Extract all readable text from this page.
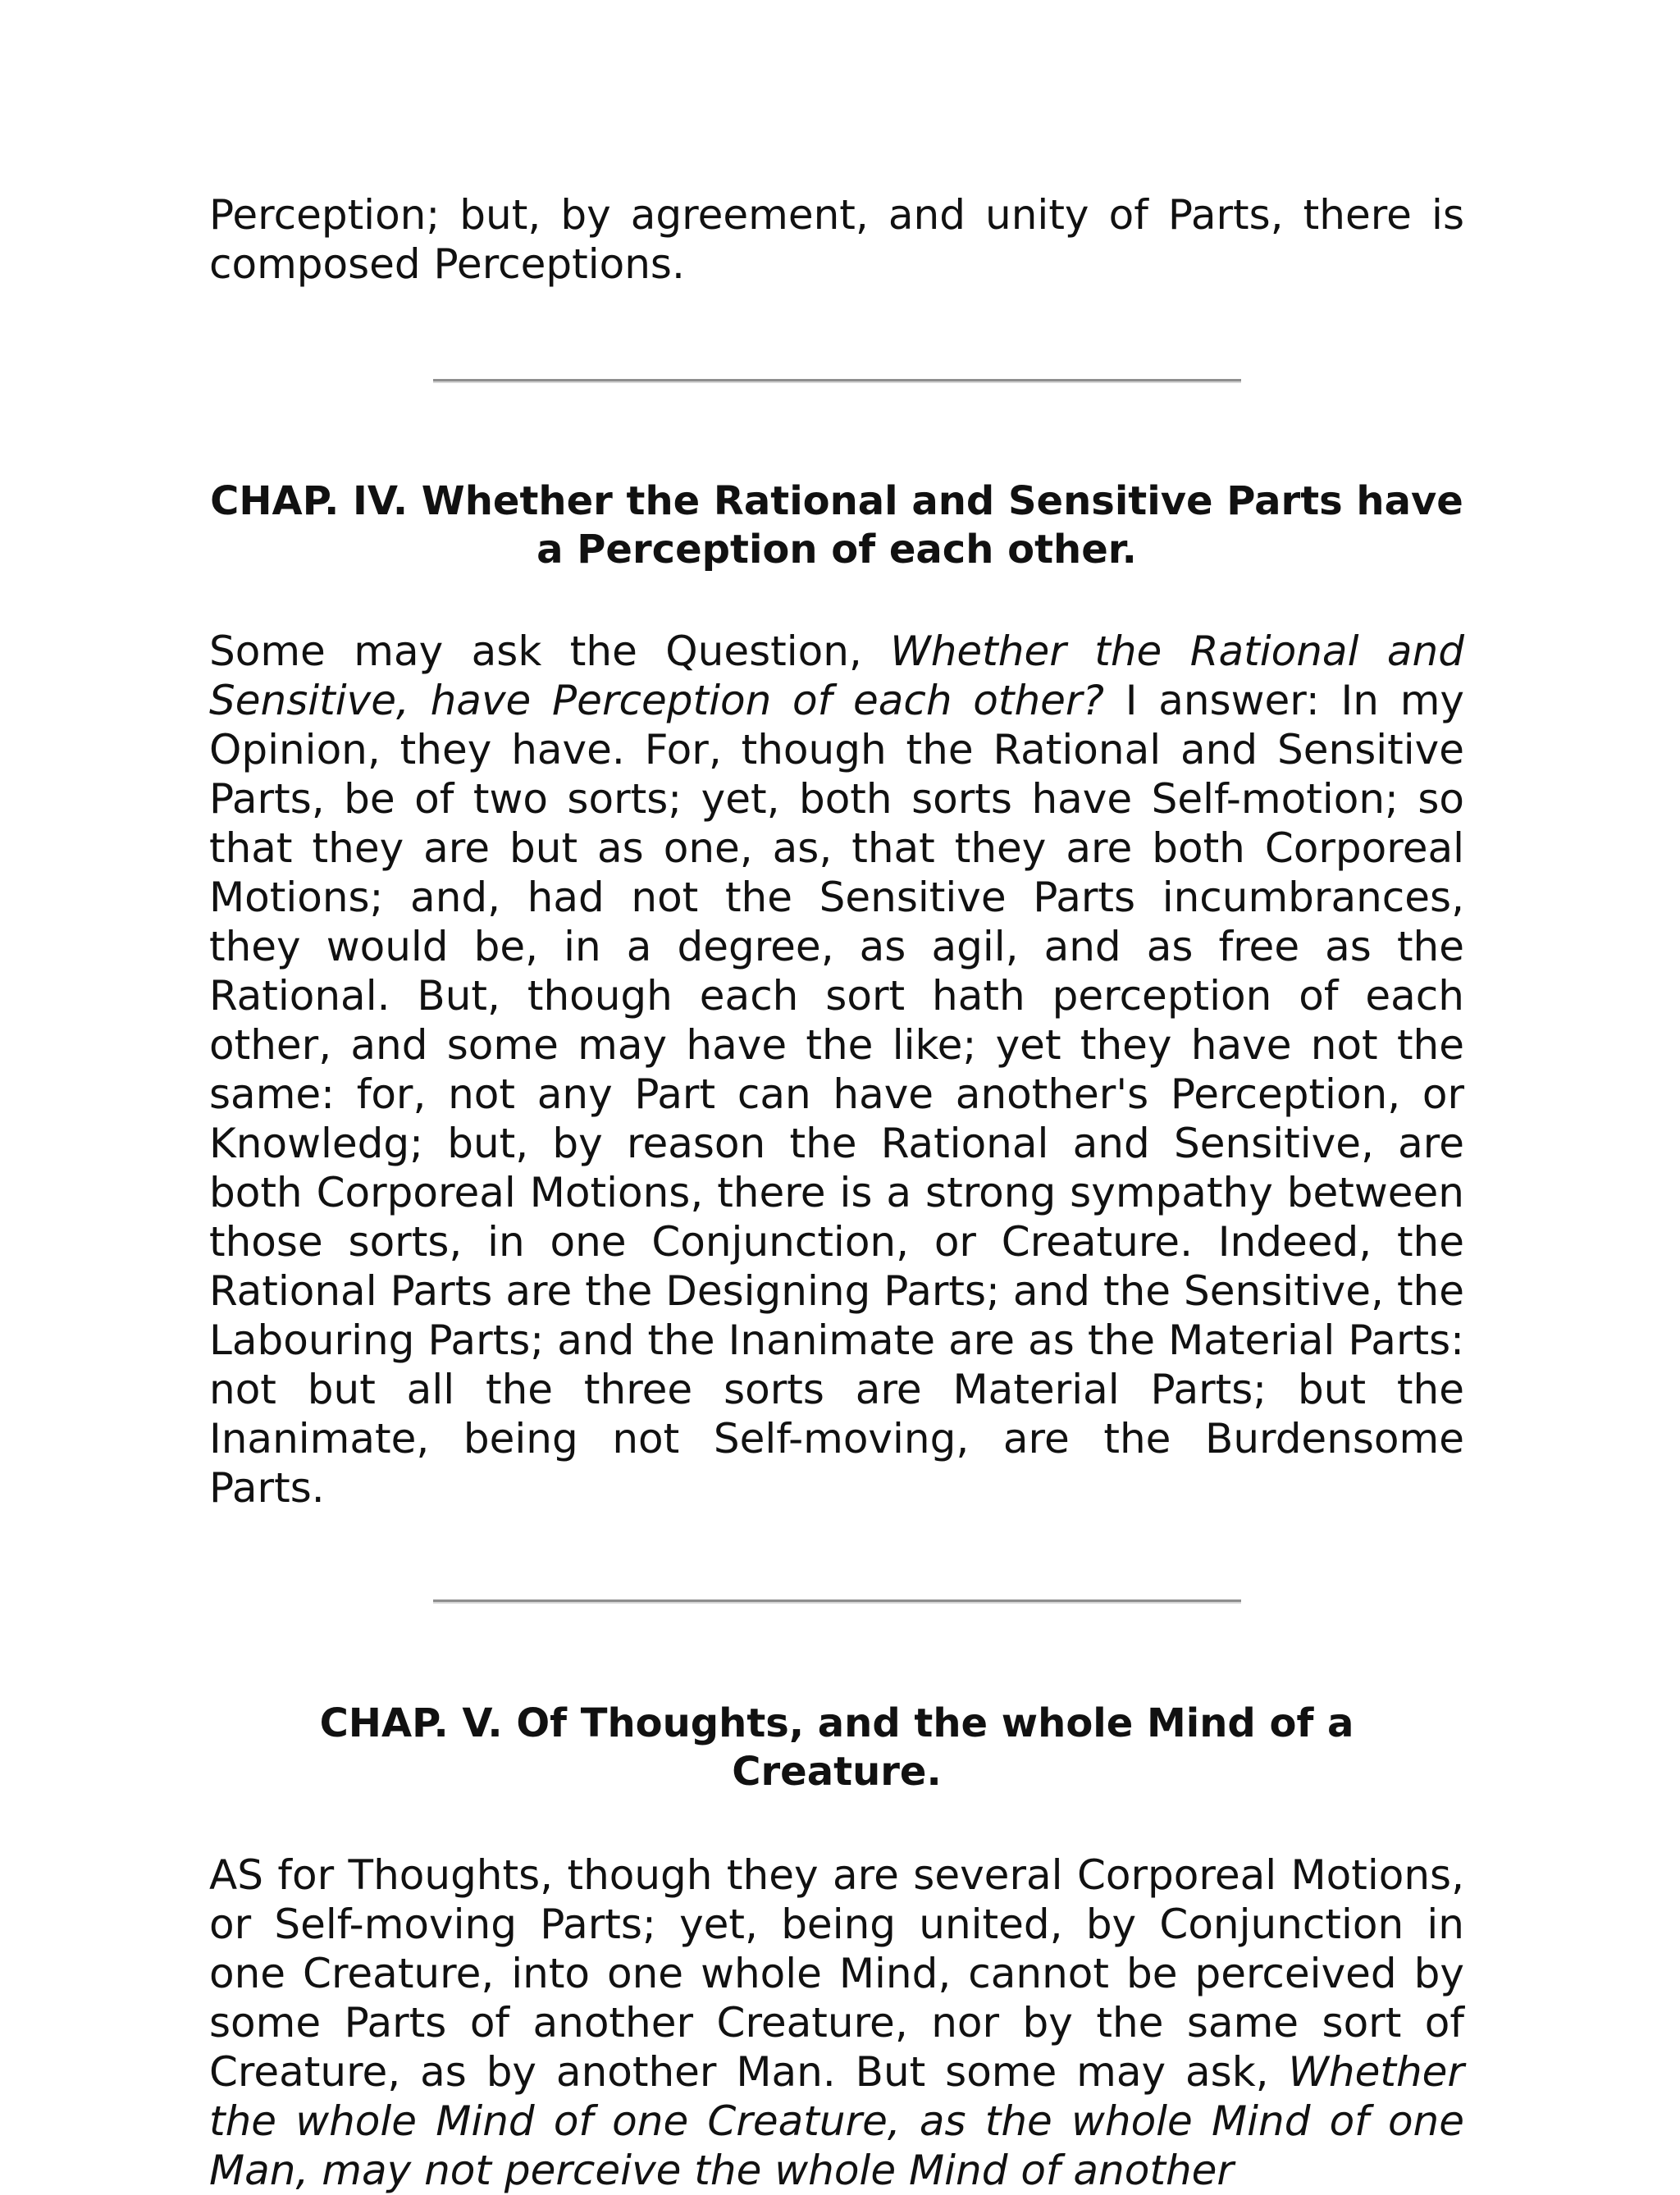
Perception; but, by agreement, and unity of Parts, there is composed Perceptions.

CHAP. IV. Whether the Rational and Sensitive Parts have a Perception of each other.

Some may ask the Question, Whether the Rational and Sensitive, have Perception of each other? I answer: In my Opinion, they have. For, though the Rational and Sensitive Parts, be of two sorts; yet, both sorts have Self-motion; so that they are but as one, as, that they are both Corporeal Motions; and, had not the Sensitive Parts incumbrances, they would be, in a degree, as agil, and as free as the Rational. But, though each sort hath perception of each other, and some may have the like; yet they have not the same: for, not any Part can have another's Perception, or Knowledg; but, by reason the Rational and Sensitive, are both Corporeal Motions, there is a strong sympathy between those sorts, in one Conjunction, or Creature. Indeed, the Rational Parts are the Designing Parts; and the Sensitive, the Labouring Parts; and the Inanimate are as the Material Parts: not but all the three sorts are Material Parts; but the Inanimate, being not Self-moving, are the Burdensome Parts.

CHAP. V. Of Thoughts, and the whole Mind of a Creature.

AS for Thoughts, though they are several Corporeal Motions, or Self-moving Parts; yet, being united, by Conjunction in one Creature, into one whole Mind, cannot be perceived by some Parts of another Creature, nor by the same sort of Creature, as by another Man. But some may ask, Whether the whole Mind of one Creature, as the whole Mind of one Man, may not perceive the whole Mind of another
